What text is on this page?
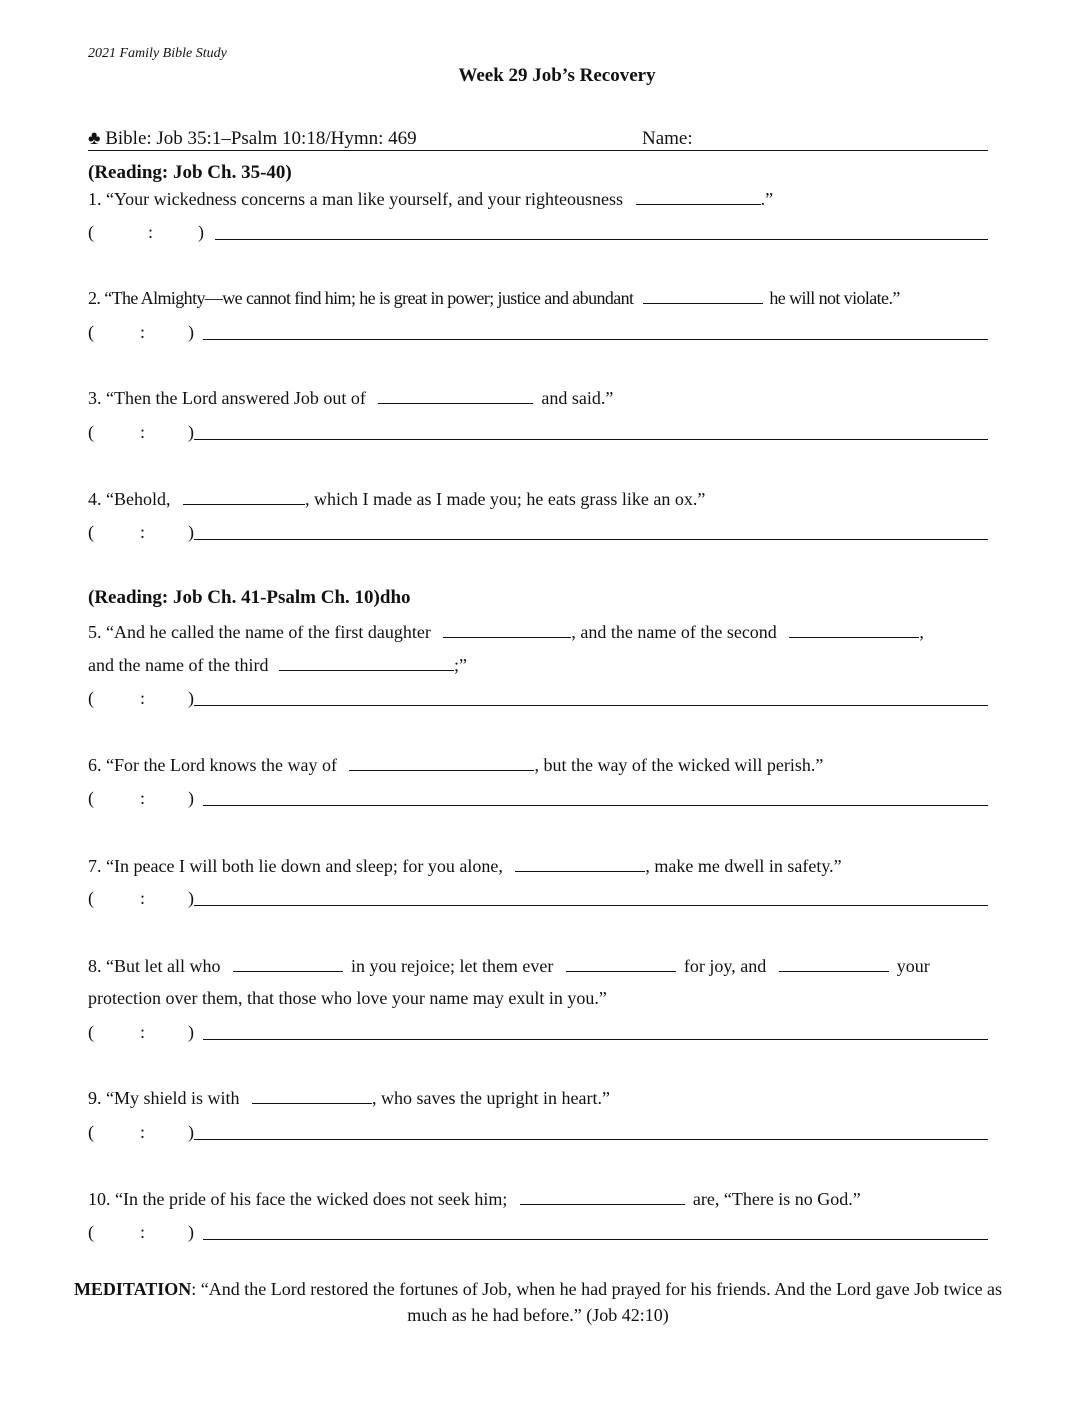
2021 Family Bible Study
Week 29 Job’s Recovery
♣ Bible: Job 35:1–Psalm 10:18/Hymn: 469	Name:
(Reading: Job Ch. 35-40)
1. “Your wickedness concerns a man like yourself, and your righteousness	.”
(	: )
2. “The Almighty—we cannot find him; he is great in power; justice and abundant	he will not violate.”
(	: )
3. “Then the Lord answered Job out of	and said.”
(	: )
4. “Behold,	, which I made as I made you; he eats grass like an ox.”
(	: )
(Reading: Job Ch. 41-Psalm Ch. 10)dho
5. “And he called the name of the first daughter	, and the name of the second	,
and the name of the third	;”
(	: )
6. “For the Lord knows the way of	, but the way of the wicked will perish.”
(	: )
7. “In peace I will both lie down and sleep; for you alone,	, make me dwell in safety.”
(	: )
8. “But let all who	in you rejoice; let them ever	for joy, and	your
protection over them, that those who love your name may exult in you.”
(	: )
9. “My shield is with	, who saves the upright in heart.”
(	: )
10. “In the pride of his face the wicked does not seek him;	are, “There is no God.”
(	: )
MEDITATION: “And the Lord restored the fortunes of Job, when he had prayed for his friends. And the Lord gave Job twice as much as he had before.” (Job 42:10)
